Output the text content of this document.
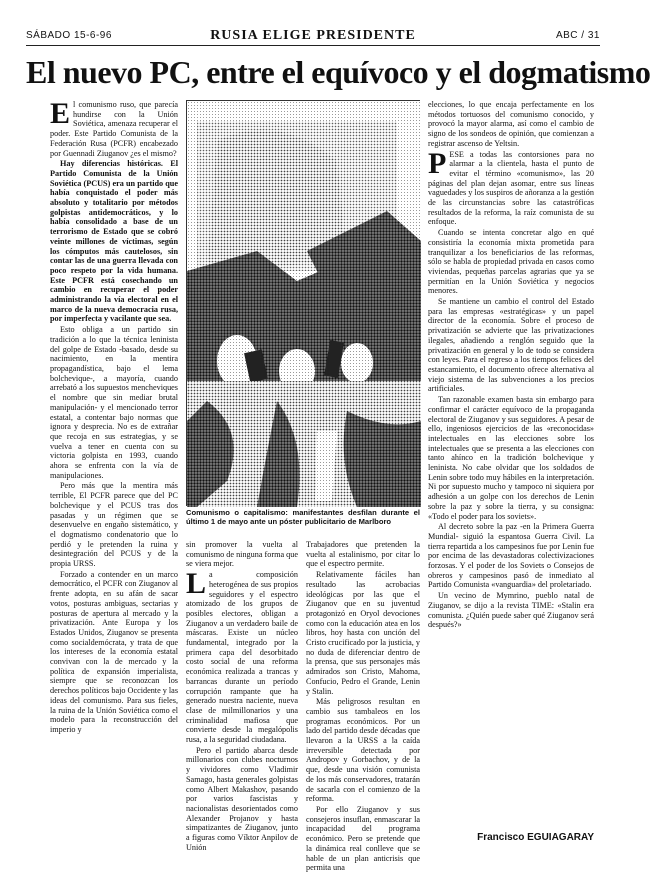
SÁBADO 15-6-96	RUSIA ELIGE PRESIDENTE	ABC / 31
El nuevo PC, entre el equívoco y el dogmatismo

El comunismo ruso, que parecía hundirse con la Unión Soviética, amenaza recuperar el poder. Este Partido Comunista de la Federación Rusa (PCFR) encabezado por Guennadi Ziuganov ¿es el mismo?

Hay diferencias históricas. El Partido Comunista de la Unión Soviética (PCUS) era un partido que había conquistado el poder más absoluto y totalitario por métodos golpistas antidemocráticos, y lo había consolidado a base de un terrorismo de Estado que se cobró veinte millones de víctimas, según los cómputos más cautelosos, sin contar las de una guerra llevada con poco respeto por la vida humana. Este PCFR está cosechando un cambio en recuperar el poder administrando la vía electoral en el marco de la nueva democracia rusa, por imperfecta y vacilante que sea.

Esto obliga a un partido sin tradición a lo que la técnica leninista del golpe de Estado -basado, desde su nacimiento, en la mentira propagandística, bajo el lema bolchevique-, a mayoría, cuando arrebató a los supuestos mencheviques el nombre que sin mediar brutal manipulación- y el mencionado terror estatal, a contentar bajo normas que ignora y desprecia. No es de extrañar que recoja en sus estrategias, y se vuelva a tener en cuenta con su victoria golpista en 1993, cuando ahora se enfrenta con la vía de manipulaciones.

Pero más que la mentira más terrible, El PCFR parece que del PC bolchevique y el PCUS tras dos pasadas y un régimen que se desenvuelve en engaño sistemático, y el dogmatismo condenatorio que lo perdió y le pretenden la ruina y desintegración del PCUS y de la propia URSS.

Forzado a contender en un marco democrático, el PCFR con Ziuganov al frente adopta, en su afán de sacar votos, posturas ambiguas, sectarias y posturas de apertura al mercado y la privatización. Ante Europa y los Estados Unidos, Ziuganov se presenta como socialdemócrata, y trata de que los intereses de la economía estatal convivan con la de mercado y la política de expansión imperialista, siempre que se reconozcan los derechos políticos bajo Occidente y las ideas del comunismo. Para sus fieles, la ruina de la Unión Soviética como el modelo para la reconstrucción del imperio y

Comunismo o capitalismo: manifestantes desfilan durante el último 1 de mayo ante un póster publicitario de Marlboro

sin promover la vuelta al comunismo de ninguna forma que se viera mejor.

La composición heterogénea de sus propios seguidores y el espectro atomizado de los grupos de posibles electores, obligan a Ziuganov a un verdadero baile de máscaras. Existe un núcleo fundamental, integrado por la primera capa del desorbitado costo social de una reforma económica realizada a trancas y barrancas durante un período corrupción rampante que ha generado nuestra naciente, nueva clase de milmillonarios y una criminalidad mafiosa que convierte desde la megalópolis rusa, a la seguridad ciudadana.

Pero el partido abarca desde millonarios con clubes nocturnos y vividores como Vladimir Samago, hasta generales golpistas como Albert Makashov, pasando por varios fascistas y nacionalistas desorientados como Alexander Projanov y hasta simpatizantes de Ziuganov, junto a figuras como Víktor Anpilov de Unión

Trabajadores que pretenden la vuelta al estalinismo, por citar lo que el espectro permite.

Relativamente fáciles han resultado las acrobacias ideológicas por las que el Ziuganov que en su juventud protagonizó en Oryol devociones como con la educación atea en los libros, hoy hasta con unción del Cristo crucificado por la justicia, y no duda de diferenciar dentro de la prensa, que sus personajes más admirados son Cristo, Mahoma, Confucio, Pedro el Grande, Lenin y Stalin.

Más peligrosos resultan en cambio sus tambaleos en los programas económicos. Por un lado del partido desde décadas que llevaron a la URSS a la caída irreversible detectada por Andropov y Gorbachov, y de la que, desde una visión comunista de los más conservadores, tratarán de sacarla con el comienzo de la reforma.

Por ello Ziuganov y sus consejeros insuflan, enmascarar la incapacidad del programa económico. Pero se pretende que la dinámica real conlleve que se hable de un plan anticrisis que permita una

elecciones, lo que encaja perfectamente en los métodos tortuosos del comunismo conocido, y provocó la mayor alarma, así como el cambio de signo de los sondeos de opinión, que comienzan a registrar ascenso de Yeltsin.

PESE a todas las contorsiones para no alarmar a la clientela, hasta el punto de evitar el término «comunismo», las 20 páginas del plan dejan asomar, entre sus líneas vaguedades y los suspiros de añoranza a la gestión de las circunstancias sobre las catastróficas resultados de la reforma, la raíz comunista de su enfoque.

Cuando se intenta concretar algo en qué consistiría la economía mixta prometida para tranquilizar a los beneficiarios de las reformas, sólo se habla de propiedad privada en casos como viviendas, pequeñas parcelas agrarias que ya se permitían en la Unión Soviética y negocios menores.

Se mantiene un cambio el control del Estado para las empresas «estratégicas» y un papel director de la economía. Sobre el proceso de privatización se advierte que las privatizaciones ilegales, añadiendo a renglón seguido que la privatización en general y lo de todo se considera con leyes. Para el regreso a los tiempos felices del estancamiento, el documento ofrece alternativa al viejo sistema de las subvenciones a los precios artificiales.

Tan razonable examen basta sin embargo para confirmar el carácter equívoco de la propaganda electoral de Ziuganov y sus seguidores. A pesar de ello, ingeniosos ejercicios de las «reconocidas» intelectuales en las elecciones sobre los intelectuales que se presenta a las elecciones con tanto ahínco en la tradición bolchevique y leninista. No cabe olvidar que los soldados de Lenin sobre todo muy hábiles en la interpretación. Ni por supuesto mucho y tampoco ni siquiera por adhesión a un golpe con los derechos de Lenin sobre la paz y sobre la tierra, y su consigna: «Todo el poder para los soviets».

Al decreto sobre la paz -en la Primera Guerra Mundial- siguió la espantosa Guerra Civil. La tierra repartida a los campesinos fue por Lenin fue por encima de las devastadoras colectivizaciones forzosas. Y el poder de los Soviets o Consejos de obreros y campesinos pasó de inmediato al Partido Comunista «vanguardia» del proletariado.

Un vecino de Mymrino, pueblo natal de Ziuganov, se dijo a la revista TIME: «Stalin era comunista. ¿Quién puede saber qué Ziuganov será después?»

Francisco EGUIAGARAY
